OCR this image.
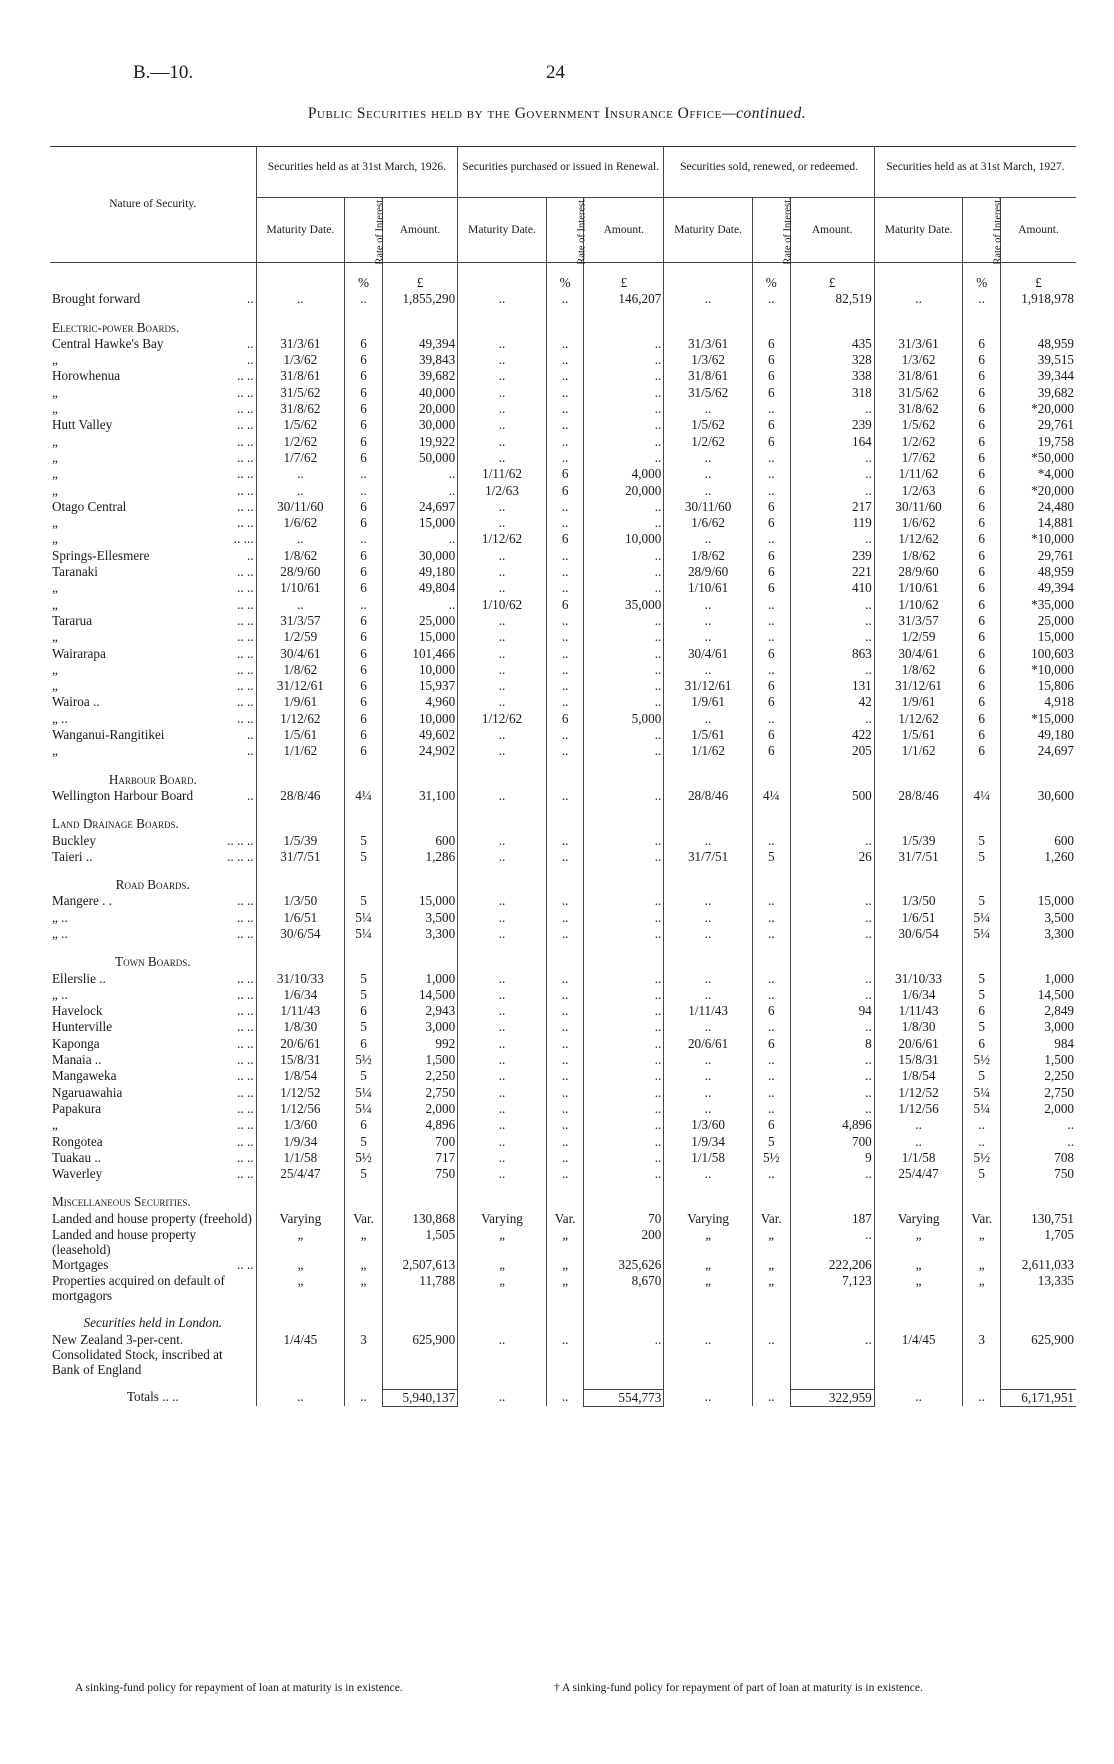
B.—10.	24
Public Securities held by the Government Insurance Office—continued.
Nature of Security.	Securities held as at 31st March, 1926.			Securities purchased or issued in Renewal.			Securities sold, renewed, or redeemed.			Securities held as at 31st March, 1927.		
	Maturity Date.	Rate of Interest.	Amount.	Maturity Date.	Rate of Interest.	Amount.	Maturity Date.	Rate of Interest.	Amount.	Maturity Date.	Rate of Interest.	Amount.

		%	£		%	£		%	£		%	£
Brought forward ..	..	..	1,855,290	..	..	146,207	..	..	82,519	..	..	1,918,978

Electric-power Boards.												
Central Hawke's Bay ..	31/3/61	6	49,394	..	..	..	31/3/61	6	435	31/3/61	6	48,959
„ ..	1/3/62	6	39,843	..	..	..	1/3/62	6	328	1/3/62	6	39,515
Horowhenua .. ..	31/8/61	6	39,682	..	..	..	31/8/61	6	338	31/8/61	6	39,344
„ .. ..	31/5/62	6	40,000	..	..	..	31/5/62	6	318	31/5/62	6	39,682
„ .. ..	31/8/62	6	20,000	..	..	..	..	..	..	31/8/62	6	*20,000
Hutt Valley .. ..	1/5/62	6	30,000	..	..	..	1/5/62	6	239	1/5/62	6	29,761
„ .. ..	1/2/62	6	19,922	..	..	..	1/2/62	6	164	1/2/62	6	19,758
„ .. ..	1/7/62	6	50,000	..	..	..	..	..	..	1/7/62	6	*50,000
„ .. ..	..	..	..	1/11/62	6	4,000	..	..	..	1/11/62	6	*4,000
„ .. ..	..	..	..	1/2/63	6	20,000	..	..	..	1/2/63	6	*20,000
Otago Central .. ..	30/11/60	6	24,697	..	..	..	30/11/60	6	217	30/11/60	6	24,480
„ .. ..	1/6/62	6	15,000	..	..	..	1/6/62	6	119	1/6/62	6	14,881
„ .. ...	..	..	..	1/12/62	6	10,000	..	..	..	1/12/62	6	*10,000
Springs-Ellesmere ..	1/8/62	6	30,000	..	..	..	1/8/62	6	239	1/8/62	6	29,761
Taranaki .. ..	28/9/60	6	49,180	..	..	..	28/9/60	6	221	28/9/60	6	48,959
„ .. ..	1/10/61	6	49,804	..	..	..	1/10/61	6	410	1/10/61	6	49,394
„ .. ..	..	..	..	1/10/62	6	35,000	..	..	..	1/10/62	6	*35,000
Tararua .. ..	31/3/57	6	25,000	..	..	..	..	..	..	31/3/57	6	25,000
„ .. ..	1/2/59	6	15,000	..	..	..	..	..	..	1/2/59	6	15,000
Wairarapa .. ..	30/4/61	6	101,466	..	..	..	30/4/61	6	863	30/4/61	6	100,603
„ .. ..	1/8/62	6	10,000	..	..	..	..	..	..	1/8/62	6	*10,000
„ .. ..	31/12/61	6	15,937	..	..	..	31/12/61	6	131	31/12/61	6	15,806
Wairoa .. .. ..	1/9/61	6	4,960	..	..	..	1/9/61	6	42	1/9/61	6	4,918
„ .. .. ..	1/12/62	6	10,000	1/12/62	6	5,000	..	..	..	1/12/62	6	*15,000
Wanganui-Rangitikei ..	1/5/61	6	49,602	..	..	..	1/5/61	6	422	1/5/61	6	49,180
„ ..	1/1/62	6	24,902	..	..	..	1/1/62	6	205	1/1/62	6	24,697

Harbour Board.												
Wellington Harbour Board ..	28/8/46	4¼	31,100	..	..	..	28/8/46	4¼	500	28/8/46	4¼	30,600

Land Drainage Boards.												
Buckley .. .. ..	1/5/39	5	600	..	..	..	..	..	..	1/5/39	5	600
Taieri .. .. .. ..	31/7/51	5	1,286	..	..	..	31/7/51	5	26	31/7/51	5	1,260

Road Boards.												
Mangere . . .. ..	1/3/50	5	15,000	..	..	..	..	..	..	1/3/50	5	15,000
„ .. .. ..	1/6/51	5¼	3,500	..	..	..	..	..	..	1/6/51	5¼	3,500
„ .. .. ..	30/6/54	5¼	3,300	..	..	..	..	..	..	30/6/54	5¼	3,300

Town Boards.												
Ellerslie .. .. ..	31/10/33	5	1,000	..	..	..	..	..	..	31/10/33	5	1,000
„ .. .. ..	1/6/34	5	14,500	..	..	..	..	..	..	1/6/34	5	14,500
Havelock .. ..	1/11/43	6	2,943	..	..	..	1/11/43	6	94	1/11/43	6	2,849
Hunterville .. ..	1/8/30	5	3,000	..	..	..	..	..	..	1/8/30	5	3,000
Kaponga .. ..	20/6/61	6	992	..	..	..	20/6/61	6	8	20/6/61	6	984
Manaia .. .. ..	15/8/31	5½	1,500	..	..	..	..	..	..	15/8/31	5½	1,500
Mangaweka .. ..	1/8/54	5	2,250	..	..	..	..	..	..	1/8/54	5	2,250
Ngaruawahia .. ..	1/12/52	5¼	2,750	..	..	..	..	..	..	1/12/52	5¼	2,750
Papakura .. ..	1/12/56	5¼	2,000	..	..	..	..	..	..	1/12/56	5¼	2,000
„ .. ..	1/3/60	6	4,896	..	..	..	1/3/60	6	4,896	..	..	..
Rongotea .. ..	1/9/34	5	700	..	..	..	1/9/34	5	700	..	..	..
Tuakau .. .. ..	1/1/58	5½	717	..	..	..	1/1/58	5½	9	1/1/58	5½	708
Waverley .. ..	25/4/47	5	750	..	..	..	..	..	..	25/4/47	5	750

Miscellaneous Securities.												
Landed and house property (freehold)	Varying	Var.	130,868	Varying	Var.	70	Varying	Var.	187	Varying	Var.	130,751
Landed and house property (leasehold)	„	„	1,505	„	„	200	„	„	..	„	„	1,705
Mortgages .. ..	„	„	2,507,613	„	„	325,626	„	„	222,206	„	„	2,611,033
Properties acquired on default of mortgagors	„	„	11,788	„	„	8,670	„	„	7,123	„	„	13,335

Securities held in London.												
New Zealand 3-per-cent. Consolidated Stock, inscribed at Bank of England	1/4/45	3	625,900	..	..	..	..	..	..	1/4/45	3	625,900

Totals .. ..	..	..	5,940,137	..	..	554,773	..	..	322,959	..	..	6,171,951
A sinking-fund policy for repayment of loan at maturity is in existence.	† A sinking-fund policy for repayment of part of loan at maturity is in existence.
